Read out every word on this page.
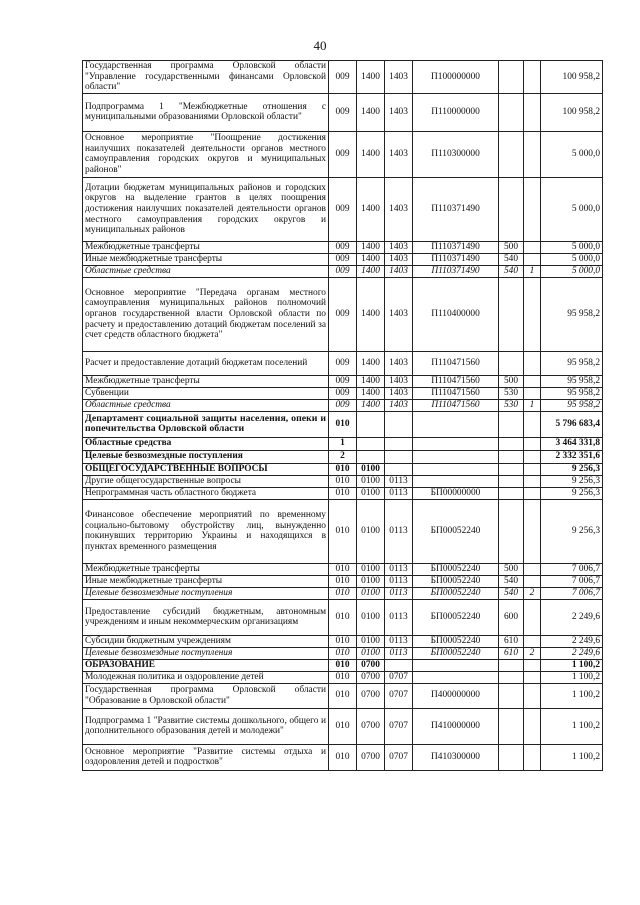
40
Государственная программа Орловской области "Управление государственными финансами Орловской области"	009	1400	1403	П100000000			100 958,2
Подпрограмма 1 "Межбюджетные отношения с муниципальными образованиями Орловской области"	009	1400	1403	П110000000			100 958,2
Основное мероприятие "Поощрение достижения наилучших показателей деятельности органов местного самоуправления городских округов и муниципальных районов"	009	1400	1403	П110300000			5 000,0
Дотации бюджетам муниципальных районов и городских округов на выделение грантов в целях поощрения достижения наилучших показателей деятельности органов местного самоуправления городских округов и муниципальных районов	009	1400	1403	П110371490			5 000,0
Межбюджетные трансферты	009	1400	1403	П110371490	500		5 000,0
Иные межбюджетные трансферты	009	1400	1403	П110371490	540		5 000,0
Областные средства	009	1400	1403	П110371490	540	1	5 000,0
Основное мероприятие "Передача органам местного самоуправления муниципальных районов полномочий органов государственной власти Орловской области по расчету и предоставлению дотаций бюджетам поселений за счет средств областного бюджета"	009	1400	1403	П110400000			95 958,2
Расчет и предоставление дотаций бюджетам поселений	009	1400	1403	П110471560			95 958,2
Межбюджетные трансферты	009	1400	1403	П110471560	500		95 958,2
Субвенции	009	1400	1403	П110471560	530		95 958,2
Областные средства	009	1400	1403	П110471560	530	1	95 958,2
Департамент социальной защиты населения, опеки и попечительства Орловской области	010						5 796 683,4
Областные средства	1						3 464 331,8
Целевые безвозмездные поступления	2						2 332 351,6
ОБЩЕГОСУДАРСТВЕННЫЕ ВОПРОСЫ	010	0100					9 256,3
Другие общегосударственные вопросы	010	0100	0113				9 256,3
Непрограммная часть областного бюджета	010	0100	0113	БП00000000			9 256,3
Финансовое обеспечение мероприятий по временному социально-бытовому обустройству лиц, вынужденно покинувших территорию Украины и находящихся в пунктах временного размещения	010	0100	0113	БП00052240			9 256,3
Межбюджетные трансферты	010	0100	0113	БП00052240	500		7 006,7
Иные межбюджетные трансферты	010	0100	0113	БП00052240	540		7 006,7
Целевые безвозмездные поступления	010	0100	0113	БП00052240	540	2	7 006,7
Предоставление субсидий бюджетным, автономным учреждениям и иным некоммерческим организациям	010	0100	0113	БП00052240	600		2 249,6
Субсидии бюджетным учреждениям	010	0100	0113	БП00052240	610		2 249,6
Целевые безвозмездные поступления	010	0100	0113	БП00052240	610	2	2 249,6
ОБРАЗОВАНИЕ	010	0700					1 100,2
Молодежная политика и оздоровление детей	010	0700	0707				1 100,2
Государственная программа Орловской области "Образование в Орловской области"	010	0700	0707	П400000000			1 100,2
Подпрограмма 1 "Развитие системы дошкольного, общего и дополнительного образования детей и молодежи"	010	0700	0707	П410000000			1 100,2
Основное мероприятие "Развитие системы отдыха и оздоровления детей и подростков"	010	0700	0707	П410300000			1 100,2
